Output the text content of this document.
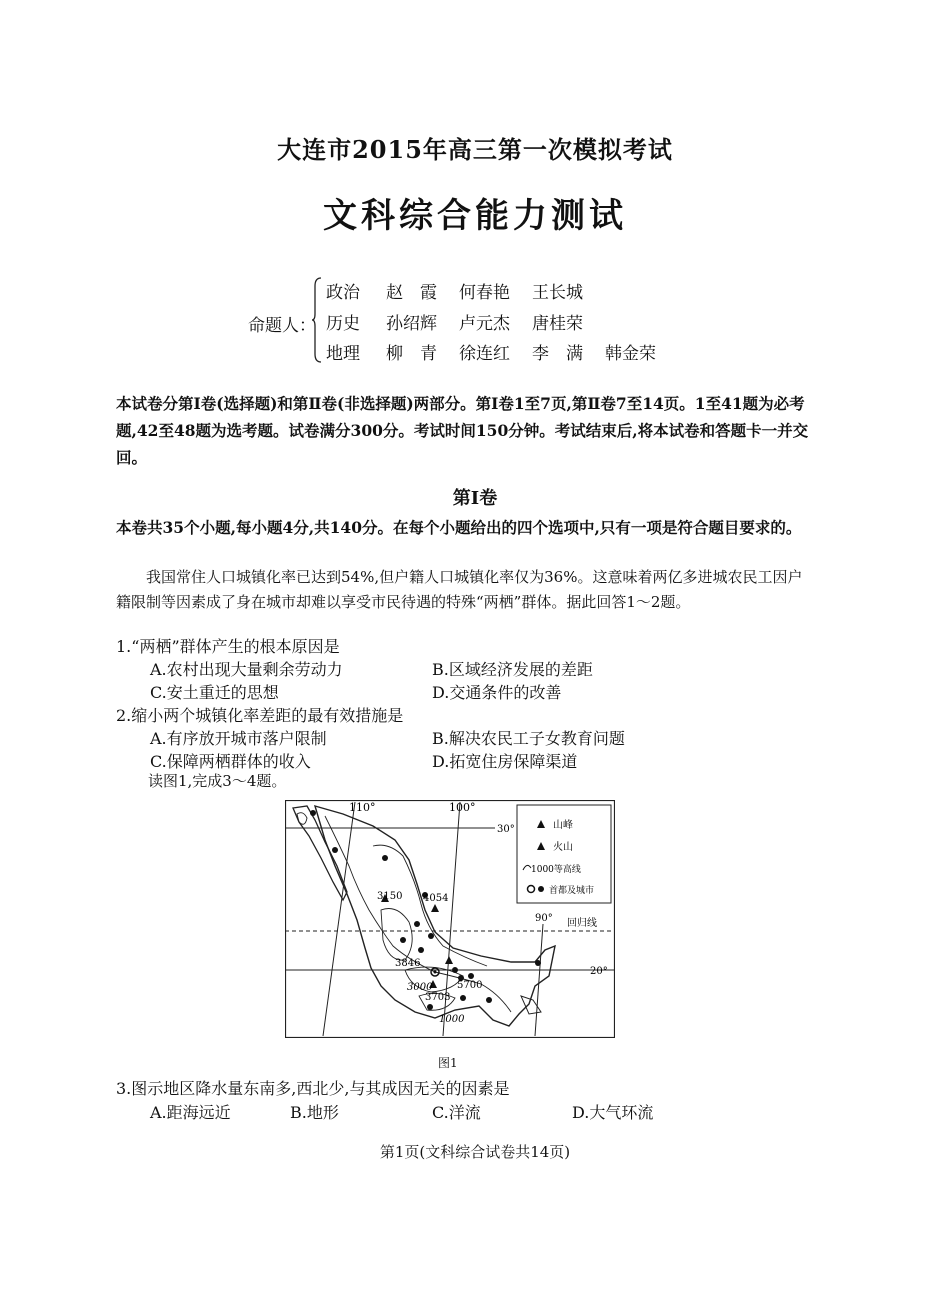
大连市2015年高三第一次模拟考试
文科综合能力测试
命题人：
政治 赵　霞 何春艳 王长城
历史 孙绍辉 卢元杰 唐桂荣
地理 柳　青 徐连红 李　满 韩金荣
本试卷分第Ⅰ卷(选择题)和第Ⅱ卷(非选择题)两部分。第Ⅰ卷1至7页,第Ⅱ卷7至14页。1至41题为必考题,42至48题为选考题。试卷满分300分。考试时间150分钟。考试结束后,将本试卷和答题卡一并交回。
第Ⅰ卷
本卷共35个小题,每小题4分,共140分。在每个小题给出的四个选项中,只有一项是符合题目要求的。
我国常住人口城镇化率已达到54%,但户籍人口城镇化率仅为36%。这意味着两亿多进城农民工因户籍限制等因素成了身在城市却难以享受市民待遇的特殊“两栖”群体。据此回答1～2题。
1.“两栖”群体产生的根本原因是
A.农村出现大量剩余劳动力	B.区域经济发展的差距
C.安土重迁的思想	D.交通条件的改善
2.缩小两个城镇化率差距的最有效措施是
A.有序放开城市落户限制	B.解决农民工子女教育问题
C.保障两栖群体的收入	D.拓宽住房保障渠道
读图1,完成3～4题。
110°	100°
90°
30°
20°
回归线
3150 4054
3846
5700
3703
3000
1000
山峰
火山
1000等高线
首都及城市
图1
3.图示地区降水量东南多,西北少,与其成因无关的因素是
A.距海远近	B.地形	C.洋流	D.大气环流
第1页(文科综合试卷共14页)
